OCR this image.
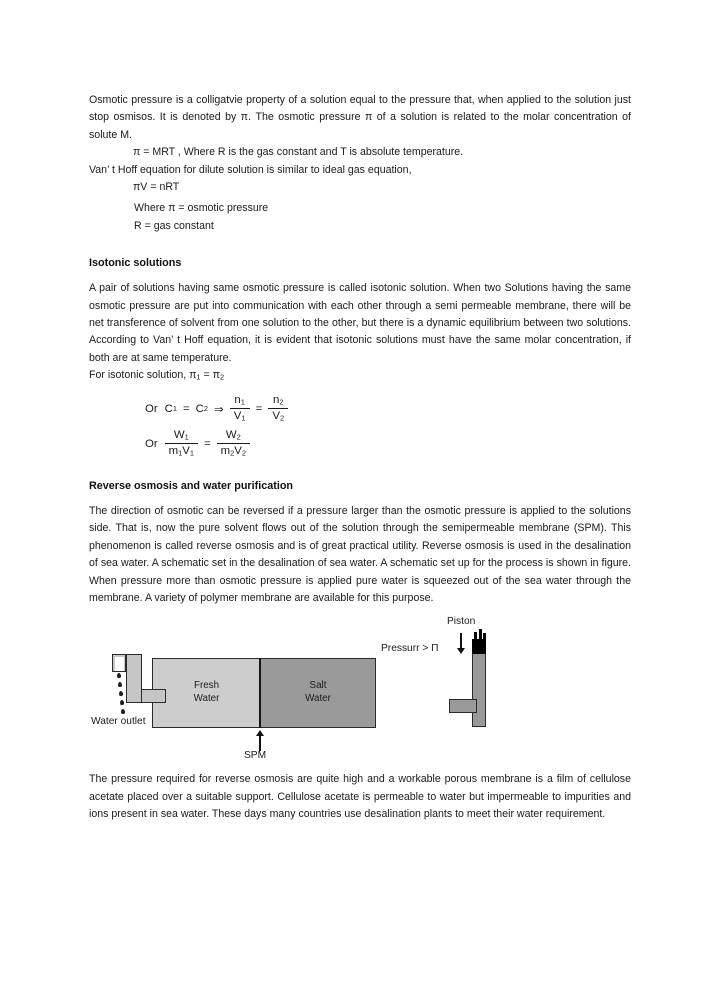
Osmotic pressure is a colligatvie property of a solution equal to the pressure that, when applied to the solution just stop osmisos. It is denoted by π. The osmotic pressure π of a solution is related to the molar concentration of solute M.

π = MRT , Where R is the gas constant and T is absolute temperature.
Van’ t Hoff equation for dilute solution is similar to ideal gas equation,
πV = nRT
Where π = osmotic pressure
R = gas constant
Isotonic solutions

A pair of solutions having same osmotic pressure is called isotonic solution. When two Solutions having the same osmotic pressure are put into communication with each other through a semi permeable membrane, there will be net transference of solvent from one solution to the other, but there is a dynamic equilibrium between two solutions. According to Van’ t Hoff equation, it is evident that isotonic solutions must have the same molar concentration, if both are at same temperature.

For isotonic solution, $\pi_1 = \pi_2$
Or C 1 = C 2 ⇒ $\frac{n_1}{V_1} = \frac{n_2}{V_2}$
Or $\frac{W_1}{m_1V_1} = \frac{W_2}{m_2V_2}$
Reverse osmosis and water purification

The direction of osmotic can be reversed if a pressure larger than the osmotic pressure is applied to the solutions side. That is, now the pure solvent flows out of the solution through the semipermeable membrane (SPM). This phenomenon is called reverse osmosis and is of great practical utility. Reverse osmosis is used in the desalination of sea water. A schematic set in the desalination of sea water. A schematic set up for the process is shown in figure. When pressure more than osmotic pressure is applied pure water is squeezed out of the sea water through the membrane. A variety of polymer membrane are available for this purpose.

Piston
Pressurr > Π
Fresh
Water
Salt
Water
Water outlet
SPM

The pressure required for reverse osmosis are quite high and a workable porous membrane is a film of cellulose acetate placed over a suitable support. Cellulose acetate is permeable to water but impermeable to impurities and ions present in sea water. These days many countries use desalination plants to meet their water requirement.
